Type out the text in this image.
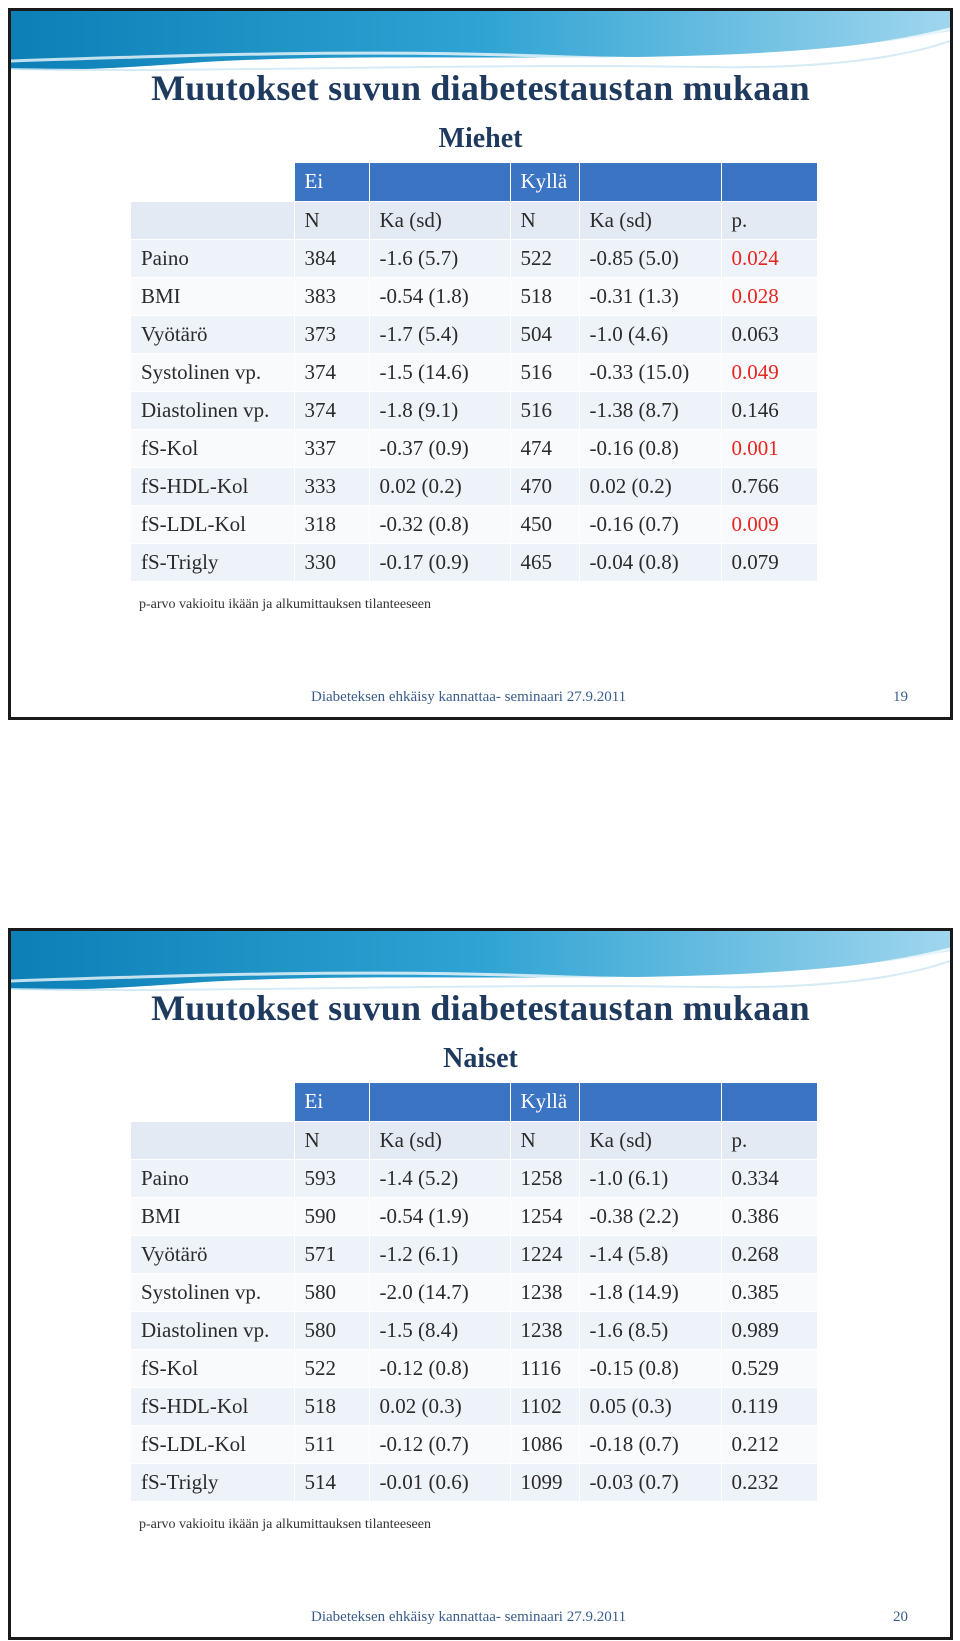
Muutokset suvun diabetestaustan mukaan
Miehet
	Ei		Kyllä		
	N	Ka (sd)	N	Ka (sd)	p.
Paino	384	-1.6 (5.7)	522	-0.85 (5.0)	0.024
BMI	383	-0.54 (1.8)	518	-0.31 (1.3)	0.028
Vyötärö	373	-1.7 (5.4)	504	-1.0 (4.6)	0.063
Systolinen vp.	374	-1.5 (14.6)	516	-0.33 (15.0)	0.049
Diastolinen vp.	374	-1.8 (9.1)	516	-1.38 (8.7)	0.146
fS-Kol	337	-0.37 (0.9)	474	-0.16 (0.8)	0.001
fS-HDL-Kol	333	0.02 (0.2)	470	0.02 (0.2)	0.766
fS-LDL-Kol	318	-0.32 (0.8)	450	-0.16 (0.7)	0.009
fS-Trigly	330	-0.17 (0.9)	465	-0.04 (0.8)	0.079

p-arvo vakioitu ikään ja alkumittauksen tilanteeseen

Diabeteksen ehkäisy kannattaa- seminaari 27.9.2011	19

Muutokset suvun diabetestaustan mukaan
Naiset
	Ei		Kyllä		
	N	Ka (sd)	N	Ka (sd)	p.
Paino	593	-1.4 (5.2)	1258	-1.0 (6.1)	0.334
BMI	590	-0.54 (1.9)	1254	-0.38 (2.2)	0.386
Vyötärö	571	-1.2 (6.1)	1224	-1.4 (5.8)	0.268
Systolinen vp.	580	-2.0 (14.7)	1238	-1.8 (14.9)	0.385
Diastolinen vp.	580	-1.5 (8.4)	1238	-1.6 (8.5)	0.989
fS-Kol	522	-0.12 (0.8)	1116	-0.15 (0.8)	0.529
fS-HDL-Kol	518	0.02 (0.3)	1102	0.05 (0.3)	0.119
fS-LDL-Kol	511	-0.12 (0.7)	1086	-0.18 (0.7)	0.212
fS-Trigly	514	-0.01 (0.6)	1099	-0.03 (0.7)	0.232

p-arvo vakioitu ikään ja alkumittauksen tilanteeseen

Diabeteksen ehkäisy kannattaa- seminaari 27.9.2011	20
